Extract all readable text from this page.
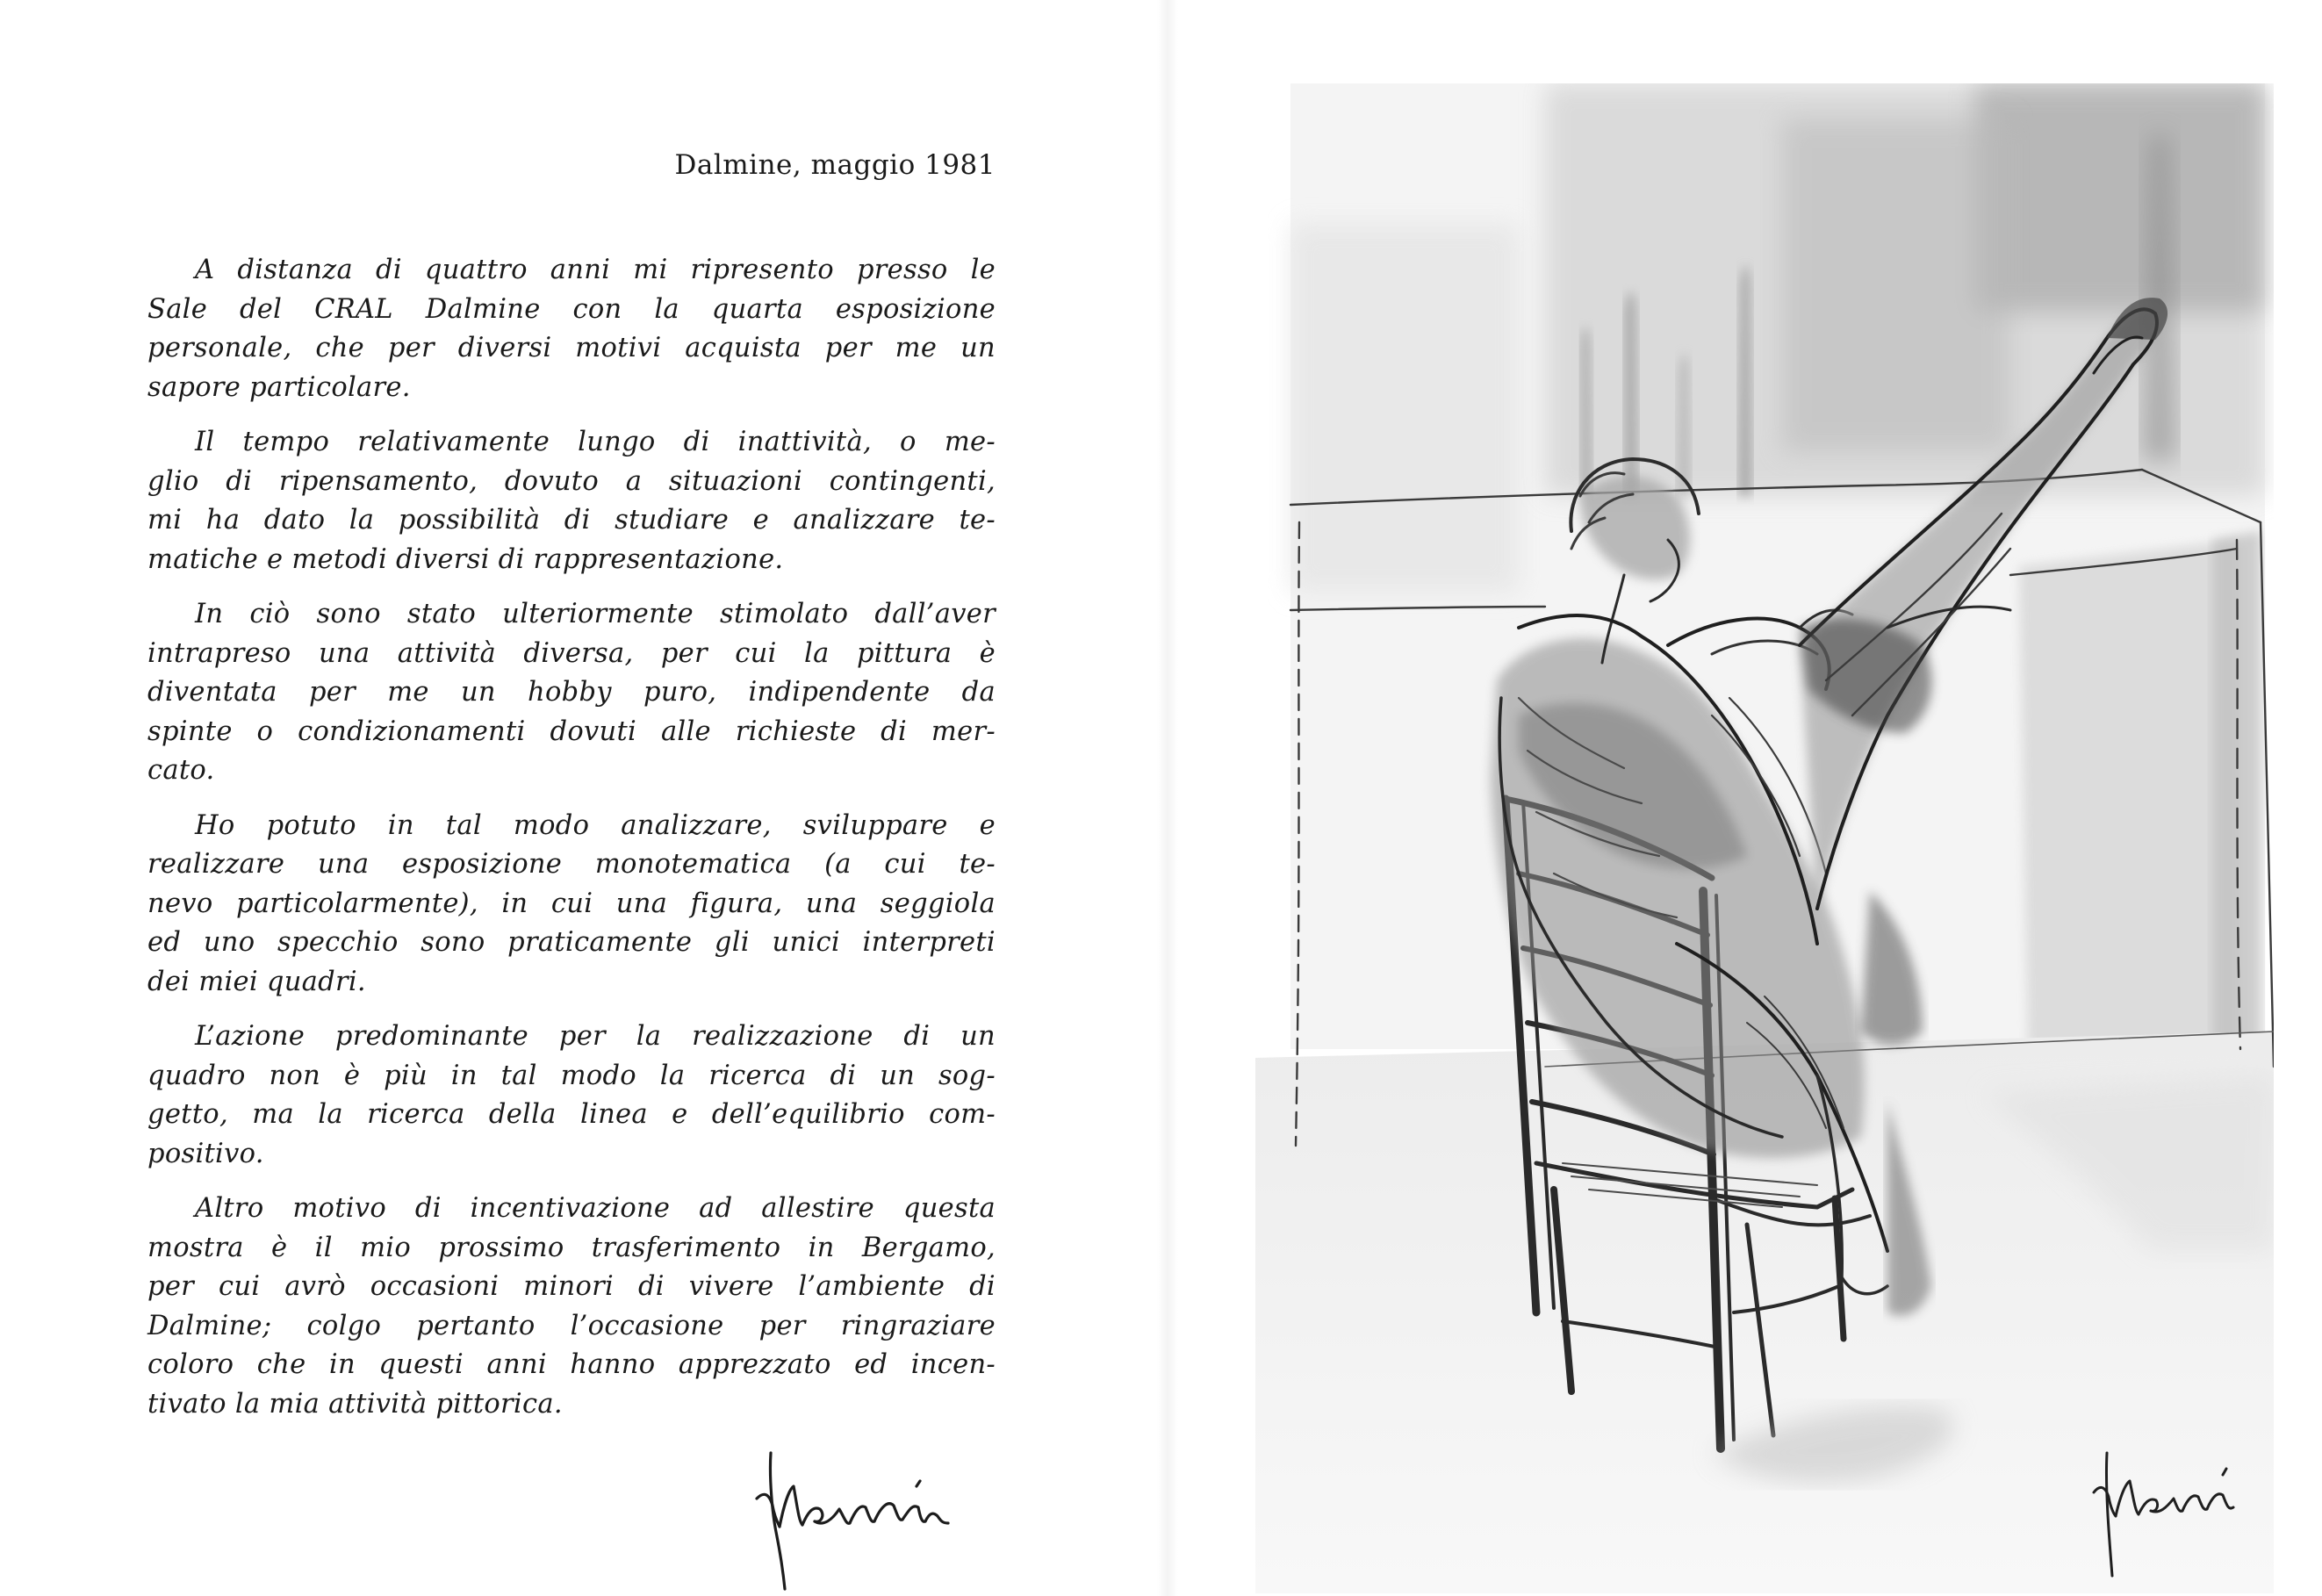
Dalmine, maggio 1981
A distanza di quattro anni mi ripresento presso le
Sale del CRAL Dalmine con la quarta esposizione
personale, che per diversi motivi acquista per me un
sapore particolare.
Il tempo relativamente lungo di inattività, o me-
glio di ripensamento, dovuto a situazioni contingenti,
mi ha dato la possibilità di studiare e analizzare te-
matiche e metodi diversi di rappresentazione.
In ciò sono stato ulteriormente stimolato dall’aver
intrapreso una attività diversa, per cui la pittura è
diventata per me un hobby puro, indipendente da
spinte o condizionamenti dovuti alle richieste di mer-
cato.
Ho potuto in tal modo analizzare, sviluppare e
realizzare una esposizione monotematica (a cui te-
nevo particolarmente), in cui una figura, una seggiola
ed uno specchio sono praticamente gli unici interpreti
dei miei quadri.
L’azione predominante per la realizzazione di un
quadro non è più in tal modo la ricerca di un sog-
getto, ma la ricerca della linea e dell’equilibrio com-
positivo.
Altro motivo di incentivazione ad allestire questa
mostra è il mio prossimo trasferimento in Bergamo,
per cui avrò occasioni minori di vivere l’ambiente di
Dalmine; colgo pertanto l’occasione per ringraziare
coloro che in questi anni hanno apprezzato ed incen-
tivato la mia attività pittorica.
